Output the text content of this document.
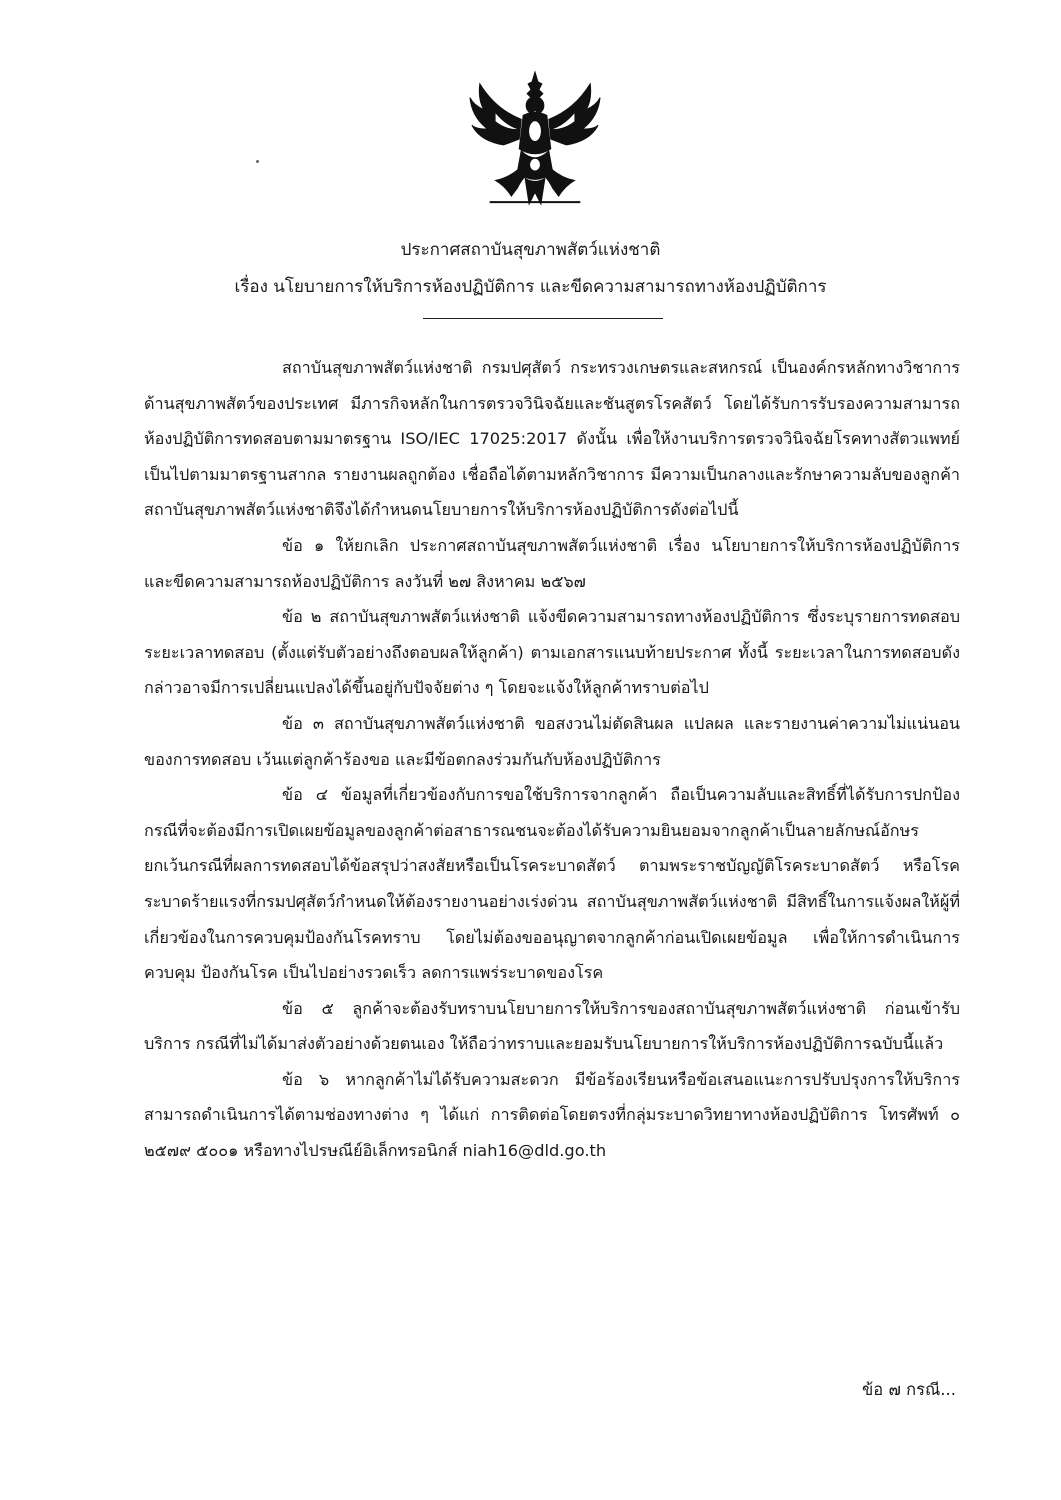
ประกาศสถาบันสุขภาพสัตว์แห่งชาติ
เรื่อง นโยบายการให้บริการห้องปฏิบัติการ และขีดความสามารถทางห้องปฏิบัติการ

สถาบันสุขภาพสัตว์แห่งชาติ กรมปศุสัตว์ กระทรวงเกษตรและสหกรณ์ เป็นองค์กรหลักทางวิชาการด้านสุขภาพสัตว์ของประเทศ มีภารกิจหลักในการตรวจวินิจฉัยและชันสูตรโรคสัตว์ โดยได้รับการรับรองความสามารถห้องปฏิบัติการทดสอบตามมาตรฐาน ISO/IEC 17025:2017 ดังนั้น เพื่อให้งานบริการตรวจวินิจฉัยโรคทางสัตวแพทย์เป็นไปตามมาตรฐานสากล รายงานผลถูกต้อง เชื่อถือได้ตามหลักวิชาการ มีความเป็นกลางและรักษาความลับของลูกค้า สถาบันสุขภาพสัตว์แห่งชาติจึงได้กำหนดนโยบายการให้บริการห้องปฏิบัติการดังต่อไปนี้

ข้อ ๑ ให้ยกเลิก ประกาศสถาบันสุขภาพสัตว์แห่งชาติ เรื่อง นโยบายการให้บริการห้องปฏิบัติการ และขีดความสามารถห้องปฏิบัติการ ลงวันที่ ๒๗ สิงหาคม ๒๕๖๗

ข้อ ๒ สถาบันสุขภาพสัตว์แห่งชาติ แจ้งขีดความสามารถทางห้องปฏิบัติการ ซึ่งระบุรายการทดสอบ ระยะเวลาทดสอบ (ตั้งแต่รับตัวอย่างถึงตอบผลให้ลูกค้า) ตามเอกสารแนบท้ายประกาศ ทั้งนี้ ระยะเวลาในการทดสอบดังกล่าวอาจมีการเปลี่ยนแปลงได้ขึ้นอยู่กับปัจจัยต่าง ๆ โดยจะแจ้งให้ลูกค้าทราบต่อไป

ข้อ ๓ สถาบันสุขภาพสัตว์แห่งชาติ ขอสงวนไม่ตัดสินผล แปลผล และรายงานค่าความไม่แน่นอนของการทดสอบ เว้นแต่ลูกค้าร้องขอ และมีข้อตกลงร่วมกันกับห้องปฏิบัติการ

ข้อ ๔ ข้อมูลที่เกี่ยวข้องกับการขอใช้บริการจากลูกค้า ถือเป็นความลับและสิทธิ์ที่ได้รับการปกป้อง กรณีที่จะต้องมีการเปิดเผยข้อมูลของลูกค้าต่อสาธารณชนจะต้องได้รับความยินยอมจากลูกค้าเป็นลายลักษณ์อักษร ยกเว้นกรณีที่ผลการทดสอบได้ข้อสรุปว่าสงสัยหรือเป็นโรคระบาดสัตว์ ตามพระราชบัญญัติโรคระบาดสัตว์ หรือโรคระบาดร้ายแรงที่กรมปศุสัตว์กำหนดให้ต้องรายงานอย่างเร่งด่วน สถาบันสุขภาพสัตว์แห่งชาติ มีสิทธิ์ในการแจ้งผลให้ผู้ที่เกี่ยวข้องในการควบคุมป้องกันโรคทราบ โดยไม่ต้องขออนุญาตจากลูกค้าก่อนเปิดเผยข้อมูล เพื่อให้การดำเนินการควบคุม ป้องกันโรค เป็นไปอย่างรวดเร็ว ลดการแพร่ระบาดของโรค

ข้อ ๕ ลูกค้าจะต้องรับทราบนโยบายการให้บริการของสถาบันสุขภาพสัตว์แห่งชาติ ก่อนเข้ารับบริการ กรณีที่ไม่ได้มาส่งตัวอย่างด้วยตนเอง ให้ถือว่าทราบและยอมรับนโยบายการให้บริการห้องปฏิบัติการฉบับนี้แล้ว

ข้อ ๖ หากลูกค้าไม่ได้รับความสะดวก มีข้อร้องเรียนหรือข้อเสนอแนะการปรับปรุงการให้บริการ สามารถดำเนินการได้ตามช่องทางต่าง ๆ ได้แก่ การติดต่อโดยตรงที่กลุ่มระบาดวิทยาทางห้องปฏิบัติการ โทรศัพท์ ๐ ๒๕๗๙ ๕๐๐๑ หรือทางไปรษณีย์อิเล็กทรอนิกส์ niah16@dld.go.th

ข้อ ๗ กรณี...
